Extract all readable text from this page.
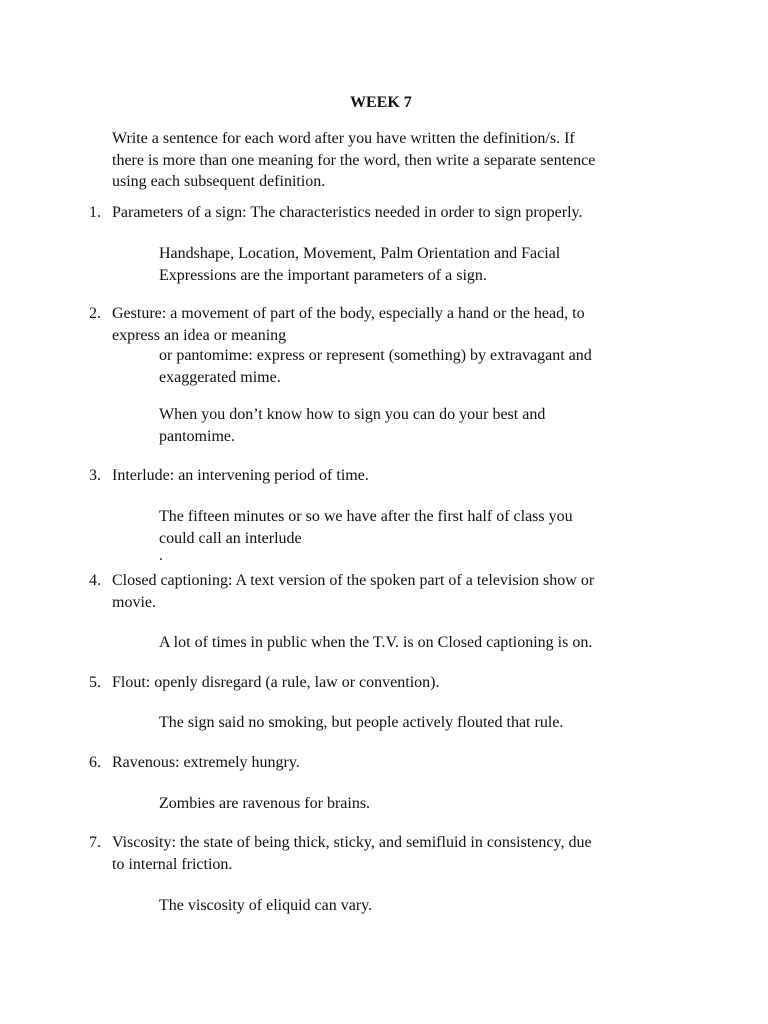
WEEK 7
Write a sentence for each word after you have written the definition/s. If
there is more than one meaning for the word, then write a separate sentence
using each subsequent definition.
1. Parameters of a sign: The characteristics needed in order to sign properly.
Handshape, Location, Movement, Palm Orientation and Facial
Expressions are the important parameters of a sign.
2. Gesture: a movement of part of the body, especially a hand or the head, to
express an idea or meaning
or pantomime: express or represent (something) by extravagant and
exaggerated mime.
When you don’t know how to sign you can do your best and
pantomime.
3. Interlude: an intervening period of time.
The fifteen minutes or so we have after the first half of class you
could call an interlude
.
4. Closed captioning: A text version of the spoken part of a television show or
movie.
A lot of times in public when the T.V. is on Closed captioning is on.
5. Flout: openly disregard (a rule, law or convention).
The sign said no smoking, but people actively flouted that rule.
6. Ravenous: extremely hungry.
Zombies are ravenous for brains.
7. Viscosity: the state of being thick, sticky, and semifluid in consistency, due
to internal friction.
The viscosity of eliquid can vary.
